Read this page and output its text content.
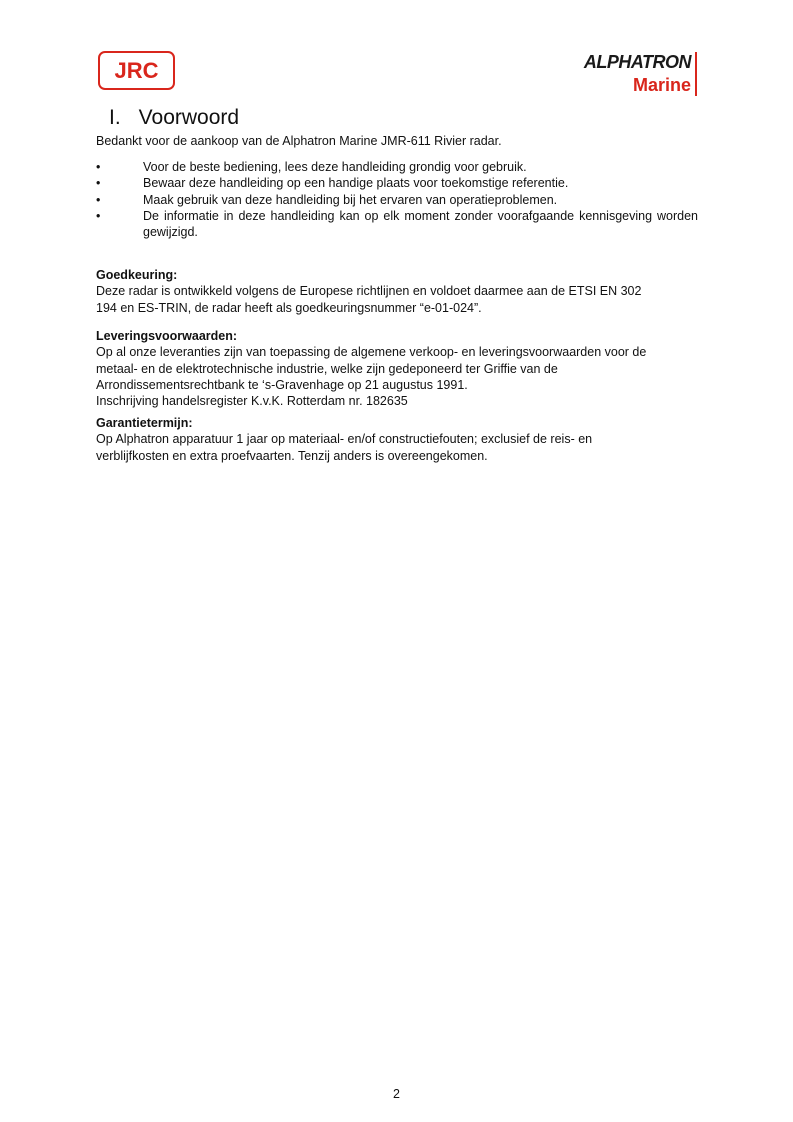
JRC	ALPHATRON
Marine
I. Voorwoord
Bedankt voor de aankoop van de Alphatron Marine JMR-611 Rivier radar.
•	Voor de beste bediening, lees deze handleiding grondig voor gebruik.
•	Bewaar deze handleiding op een handige plaats voor toekomstige referentie.
•	Maak gebruik van deze handleiding bij het ervaren van operatieproblemen.
•	De informatie in deze handleiding kan op elk moment zonder voorafgaande kennisgeving worden gewijzigd.
Goedkeuring:
Deze radar is ontwikkeld volgens de Europese richtlijnen en voldoet daarmee aan de ETSI EN 302
194 en ES-TRIN, de radar heeft als goedkeuringsnummer “e-01-024”.
Leveringsvoorwaarden:
Op al onze leveranties zijn van toepassing de algemene verkoop- en leveringsvoorwaarden voor de
metaal- en de elektrotechnische industrie, welke zijn gedeponeerd ter Griffie van de
Arrondissementsrechtbank te ‘s-Gravenhage op 21 augustus 1991.
Inschrijving handelsregister K.v.K. Rotterdam nr. 182635
Garantietermijn:
Op Alphatron apparatuur 1 jaar op materiaal- en/of constructiefouten; exclusief de reis- en
verblijfkosten en extra proefvaarten. Tenzij anders is overeengekomen.
2
